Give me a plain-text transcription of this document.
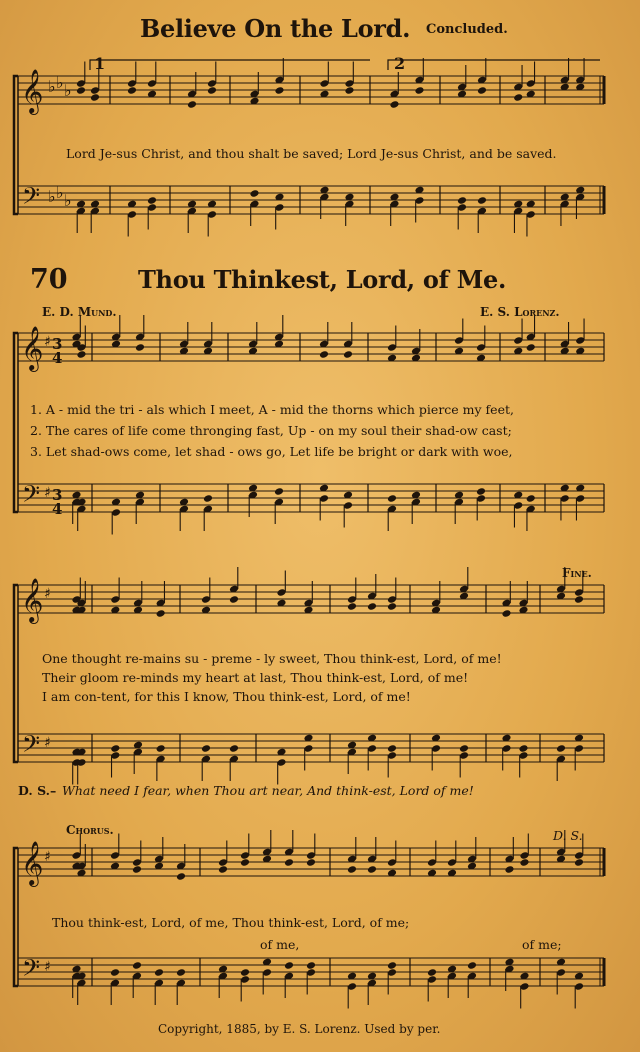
Believe On the Lord. Concluded.
Lord Je-sus Christ, and thou shalt be saved; Lord Je-sus Christ, and be saved.
70	Thou Thinkest, Lord, of Me.
E. D. Mund.	E. S. Lorenz.
1. A - mid the tri - als which I meet, A - mid the thorns which pierce my feet,
2. The cares of life come thronging fast, Up - on my soul their shad-ow cast;
3. Let shad-ows come, let shad - ows go, Let life be bright or dark with woe,
Fine.
One thought re-mains su - preme - ly sweet, Thou think-est, Lord, of me!
Their gloom re-minds my heart at last, Thou think-est, Lord, of me!
I am con-tent, for this I know, Thou think-est, Lord, of me!
D. S.– What need I fear, when Thou art near, And think-est, Lord of me!
Chorus.	D. S.
Thou think-est, Lord, of me, Thou think-est, Lord, of me;
of me,	of me;
Copyright, 1885, by E. S. Lorenz. Used by per.
𝄞
𝄢
𝄞
𝄢
𝄞
𝄢
𝄞
𝄢
♭ ♭ ♭
♭ ♭ ♭
♯
♯
3
4
3
4
♯
♯
♯
♯
1	2
